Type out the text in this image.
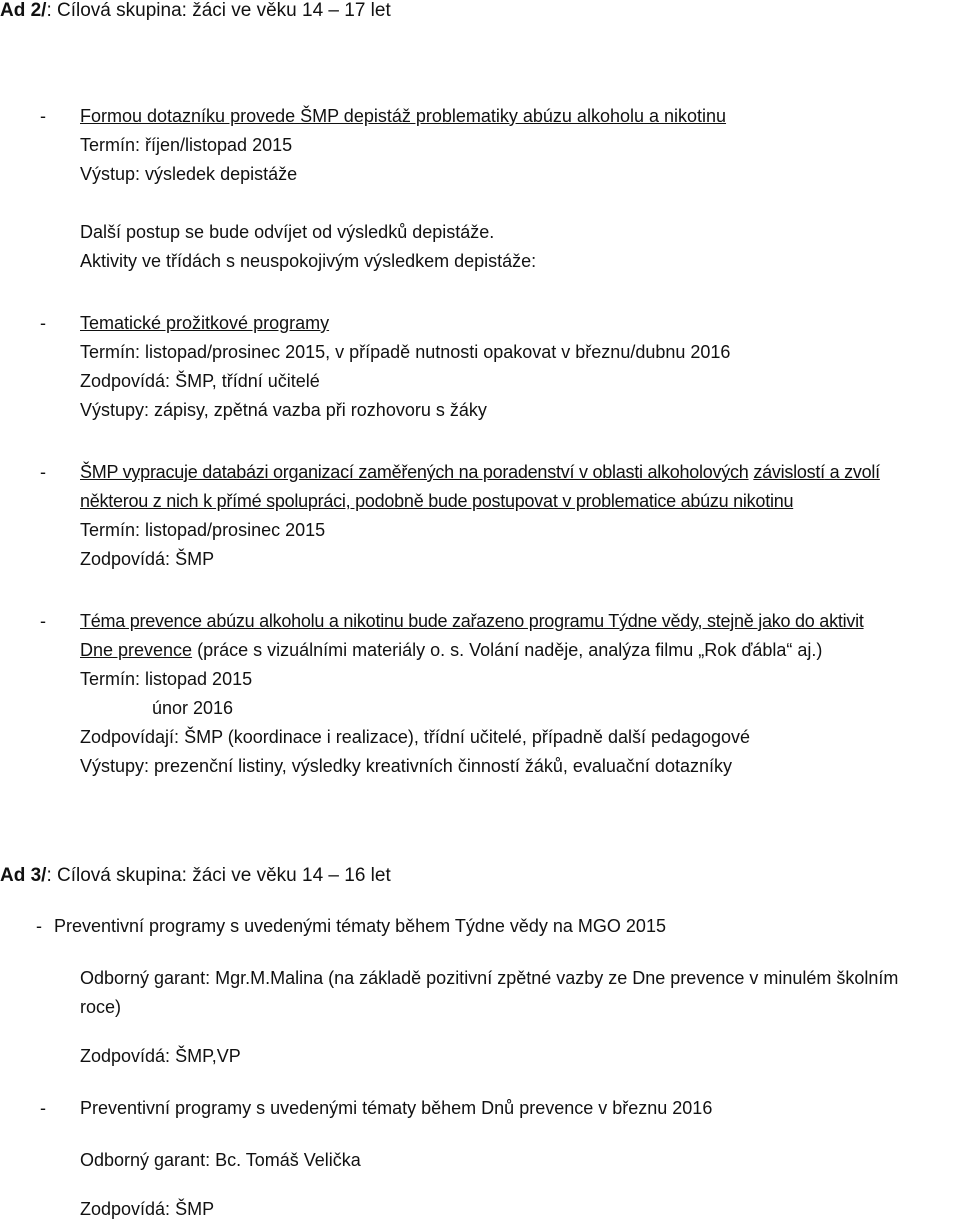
Ad 2/: Cílová skupina: žáci ve věku 14 – 17 let
- Formou dotazníku provede ŠMP depistáž problematiky abúzu alkoholu a nikotinu
Termín: říjen/listopad 2015
Výstup: výsledek depistáže
Další postup se bude odvíjet od výsledků depistáže.
Aktivity ve třídách s neuspokojivým výsledkem depistáže:
- Tematické prožitkové programy
Termín: listopad/prosinec 2015, v případě nutnosti opakovat v březnu/dubnu 2016
Zodpovídá: ŠMP, třídní učitelé
Výstupy: zápisy, zpětná vazba při rozhovoru s žáky
- ŠMP vypracuje databázi organizací zaměřených na poradenství v oblasti alkoholových závislostí a zvolí
některou z nich k přímé spolupráci, podobně bude postupovat v problematice abúzu nikotinu
Termín: listopad/prosinec 2015
Zodpovídá: ŠMP
- Téma prevence abúzu alkoholu a nikotinu bude zařazeno programu Týdne vědy, stejně jako do aktivit
Dne prevence (práce s vizuálními materiály o. s. Volání naděje, analýza filmu „Rok ďábla“ aj.)
Termín: listopad 2015
únor 2016
Zodpovídají: ŠMP (koordinace i realizace), třídní učitelé, případně další pedagogové
Výstupy: prezenční listiny, výsledky kreativních činností žáků, evaluační dotazníky
Ad 3/: Cílová skupina: žáci ve věku 14 – 16 let
- Preventivní programy s uvedenými tématy během Týdne vědy na MGO 2015
Odborný garant: Mgr.M.Malina (na základě pozitivní zpětné vazby ze Dne prevence v minulém školním
roce)
Zodpovídá: ŠMP,VP
- Preventivní programy s uvedenými tématy během Dnů prevence v březnu 2016
Odborný garant: Bc. Tomáš Velička
Zodpovídá: ŠMP
